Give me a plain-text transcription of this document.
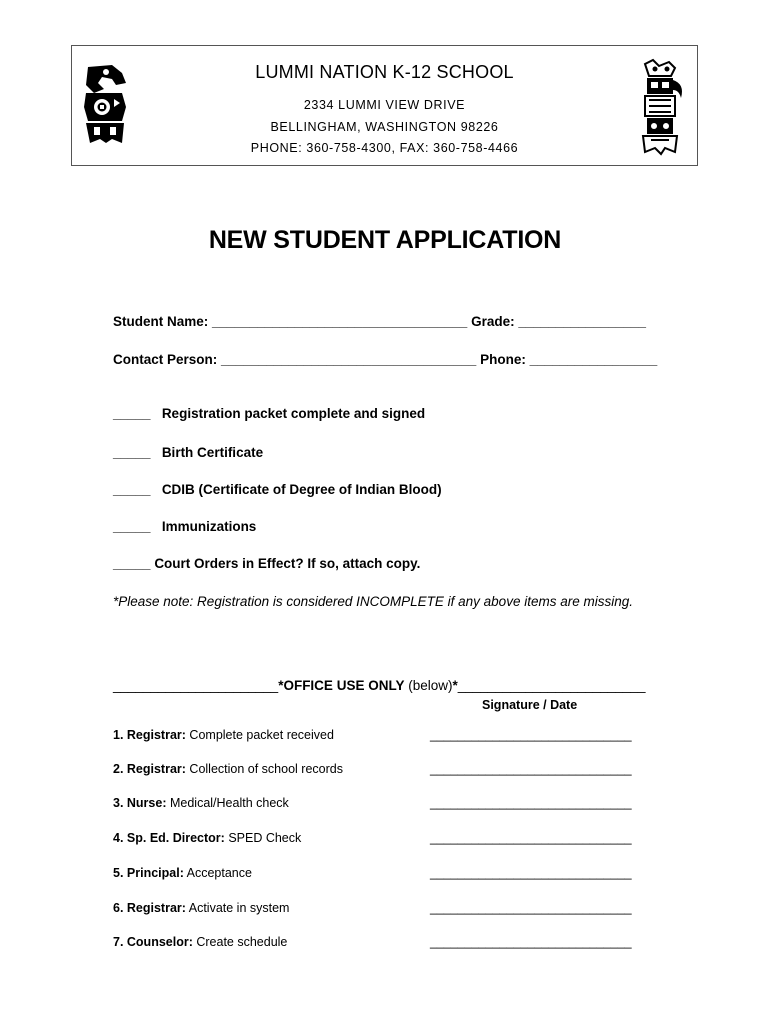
LUMMI NATION K-12 SCHOOL
2334 LUMMI VIEW DRIVE
BELLINGHAM, WASHINGTON 98226
PHONE: 360-758-4300, FAX: 360-758-4466
NEW STUDENT APPLICATION
Student Name: __________________________________ Grade: _________________
Contact Person: __________________________________ Phone: _________________
_____ Registration packet complete and signed
_____ Birth Certificate
_____ CDIB (Certificate of Degree of Indian Blood)
_____ Immunizations
_____ Court Orders in Effect? If so, attach copy.
*Please note: Registration is considered INCOMPLETE if any above items are missing.
______________________*OFFICE USE ONLY (below)*_________________________
Signature / Date
1. Registrar: Complete packet received	_____________________________
2. Registrar: Collection of school records	_____________________________
3. Nurse: Medical/Health check	_____________________________
4. Sp. Ed. Director: SPED Check	_____________________________
5. Principal: Acceptance	_____________________________
6. Registrar: Activate in system	_____________________________
7. Counselor: Create schedule	_____________________________
